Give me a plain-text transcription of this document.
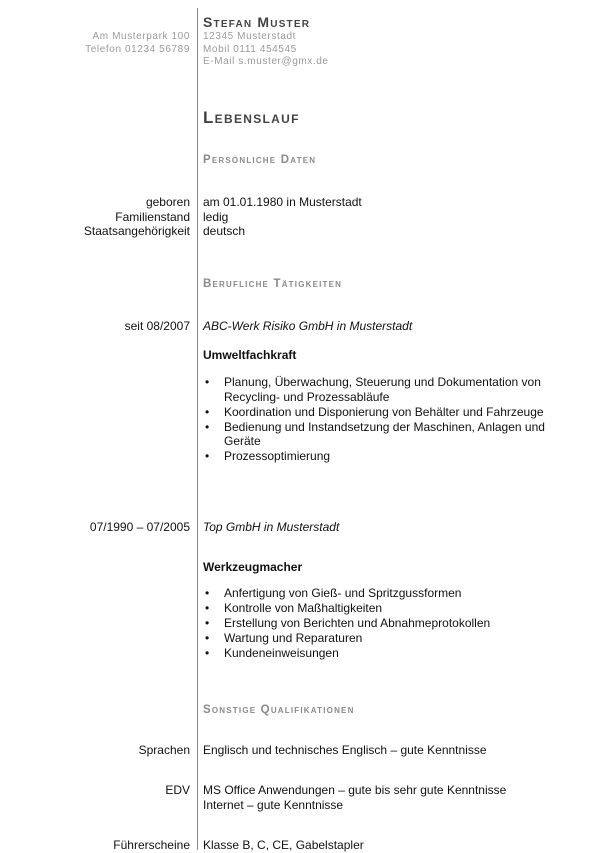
Am Musterpark 100
Telefon 01234 56789
Stefan Muster
12345 Musterstadt
Mobil 0111 454545
E-Mail s.muster@gmx.de
Lebenslauf
Persönliche Daten
geboren am 01.01.1980 in Musterstadt
Familienstand ledig
Staatsangehörigkeit deutsch
Berufliche Tätigkeiten
seit 08/2007 ABC-Werk Risiko GmbH in Musterstadt
Umweltfachkraft
• Planung, Überwachung, Steuerung und Dokumentation von Recycling- und Prozessabläufe
• Koordination und Disponierung von Behälter und Fahrzeuge
• Bedienung und Instandsetzung der Maschinen, Anlagen und Geräte
• Prozessoptimierung
07/1990 – 07/2005 Top GmbH in Musterstadt
Werkzeugmacher
• Anfertigung von Gieß- und Spritzgussformen
• Kontrolle von Maßhaltigkeiten
• Erstellung von Berichten und Abnahmeprotokollen
• Wartung und Reparaturen
• Kundeneinweisungen
Sonstige Qualifikationen
Sprachen Englisch und technisches Englisch – gute Kenntnisse
EDV MS Office Anwendungen – gute bis sehr gute Kenntnisse
Internet – gute Kenntnisse
Führerscheine Klasse B, C, CE, Gabelstapler
